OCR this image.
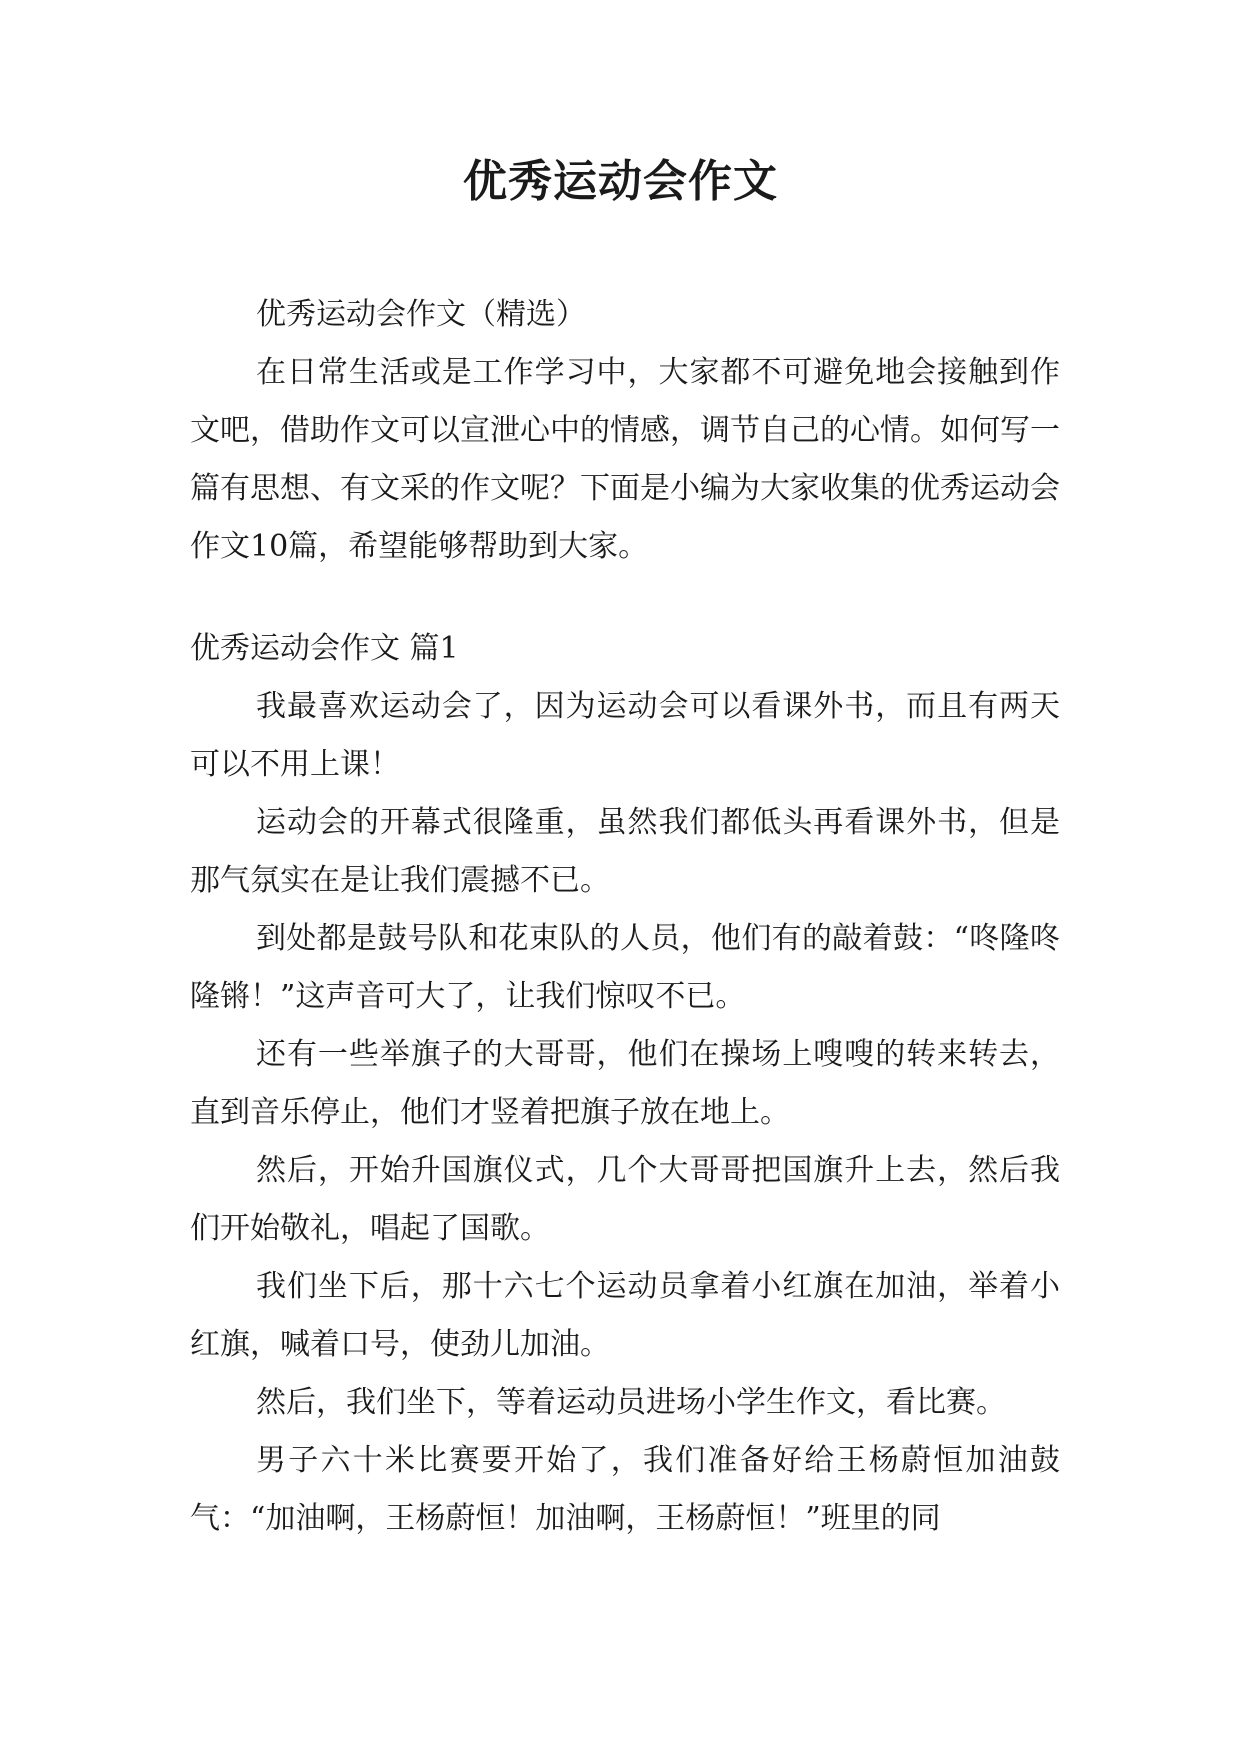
优秀运动会作文

优秀运动会作文（精选）

在日常生活或是工作学习中，大家都不可避免地会接触到作文吧，借助作文可以宣泄心中的情感，调节自己的心情。如何写一篇有思想、有文采的作文呢？下面是小编为大家收集的优秀运动会作文10篇，希望能够帮助到大家。

优秀运动会作文 篇1

我最喜欢运动会了，因为运动会可以看课外书，而且有两天可以不用上课！

运动会的开幕式很隆重，虽然我们都低头再看课外书，但是那气氛实在是让我们震撼不已。

到处都是鼓号队和花束队的人员，他们有的敲着鼓：“咚隆咚隆锵！”这声音可大了，让我们惊叹不已。

还有一些举旗子的大哥哥，他们在操场上嗖嗖的转来转去，直到音乐停止，他们才竖着把旗子放在地上。

然后，开始升国旗仪式，几个大哥哥把国旗升上去，然后我们开始敬礼，唱起了国歌。

我们坐下后，那十六七个运动员拿着小红旗在加油，举着小红旗，喊着口号，使劲儿加油。

然后，我们坐下，等着运动员进场小学生作文，看比赛。

男子六十米比赛要开始了，我们准备好给王杨蔚恒加油鼓气：“加油啊，王杨蔚恒！加油啊，王杨蔚恒！”班里的同
